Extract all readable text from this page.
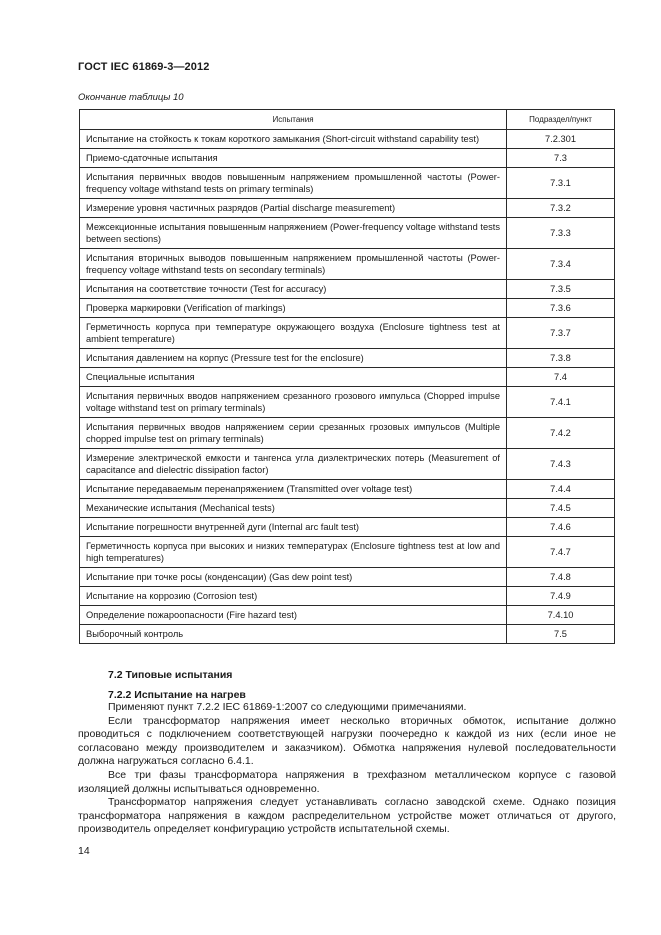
ГОСТ IEC 61869-3—2012
Окончание таблицы 10
Испытания	Подраздел/пункт
Испытание на стойкость к токам короткого замыкания (Short-circuit withstand capability test)	7.2.301
Приемо-сдаточные испытания	7.3
Испытания первичных вводов повышенным напряжением промышленной частоты (Power-frequency voltage withstand tests on primary terminals)	7.3.1
Измерение уровня частичных разрядов (Partial discharge measurement)	7.3.2
Межсекционные испытания повышенным напряжением (Power-frequency voltage withstand tests between sections)	7.3.3
Испытания вторичных выводов повышенным напряжением промышленной частоты (Power-frequency voltage withstand tests on secondary terminals)	7.3.4
Испытания на соответствие точности (Test for accuracy)	7.3.5
Проверка маркировки (Verification of markings)	7.3.6
Герметичность корпуса при температуре окружающего воздуха (Enclosure tightness test at ambient temperature)	7.3.7
Испытания давлением на корпус (Pressure test for the enclosure)	7.3.8
Специальные испытания	7.4
Испытания первичных вводов напряжением срезанного грозового импульса (Chopped impulse voltage withstand test on primary terminals)	7.4.1
Испытания первичных вводов напряжением серии срезанных грозовых импульсов (Multiple chopped impulse test on primary terminals)	7.4.2
Измерение электрической емкости и тангенса угла диэлектрических потерь (Measurement of capacitance and dielectric dissipation factor)	7.4.3
Испытание передаваемым перенапряжением (Transmitted over voltage test)	7.4.4
Механические испытания (Mechanical tests)	7.4.5
Испытание погрешности внутренней дуги (Internal arc fault test)	7.4.6
Герметичность корпуса при высоких и низких температурах (Enclosure tightness test at low and high temperatures)	7.4.7
Испытание при точке росы (конденсации) (Gas dew point test)	7.4.8
Испытание на коррозию (Corrosion test)	7.4.9
Определение пожароопасности (Fire hazard test)	7.4.10
Выборочный контроль	7.5
7.2 Типовые испытания
7.2.2 Испытание на нагрев

Применяют пункт 7.2.2 IEC 61869-1:2007 со следующими примечаниями.

Если трансформатор напряжения имеет несколько вторичных обмоток, испытание должно проводиться с подключением соответствующей нагрузки поочередно к каждой из них (если иное не согласовано между производителем и заказчиком). Обмотка напряжения нулевой последовательности должна нагружаться согласно 6.4.1.

Все три фазы трансформатора напряжения в трехфазном металлическом корпусе с газовой изоляцией должны испытываться одновременно.

Трансформатор напряжения следует устанавливать согласно заводской схеме. Однако позиция трансформатора напряжения в каждом распределительном устройстве может отличаться от другого, производитель определяет конфигурацию устройств испытательной схемы.

14
